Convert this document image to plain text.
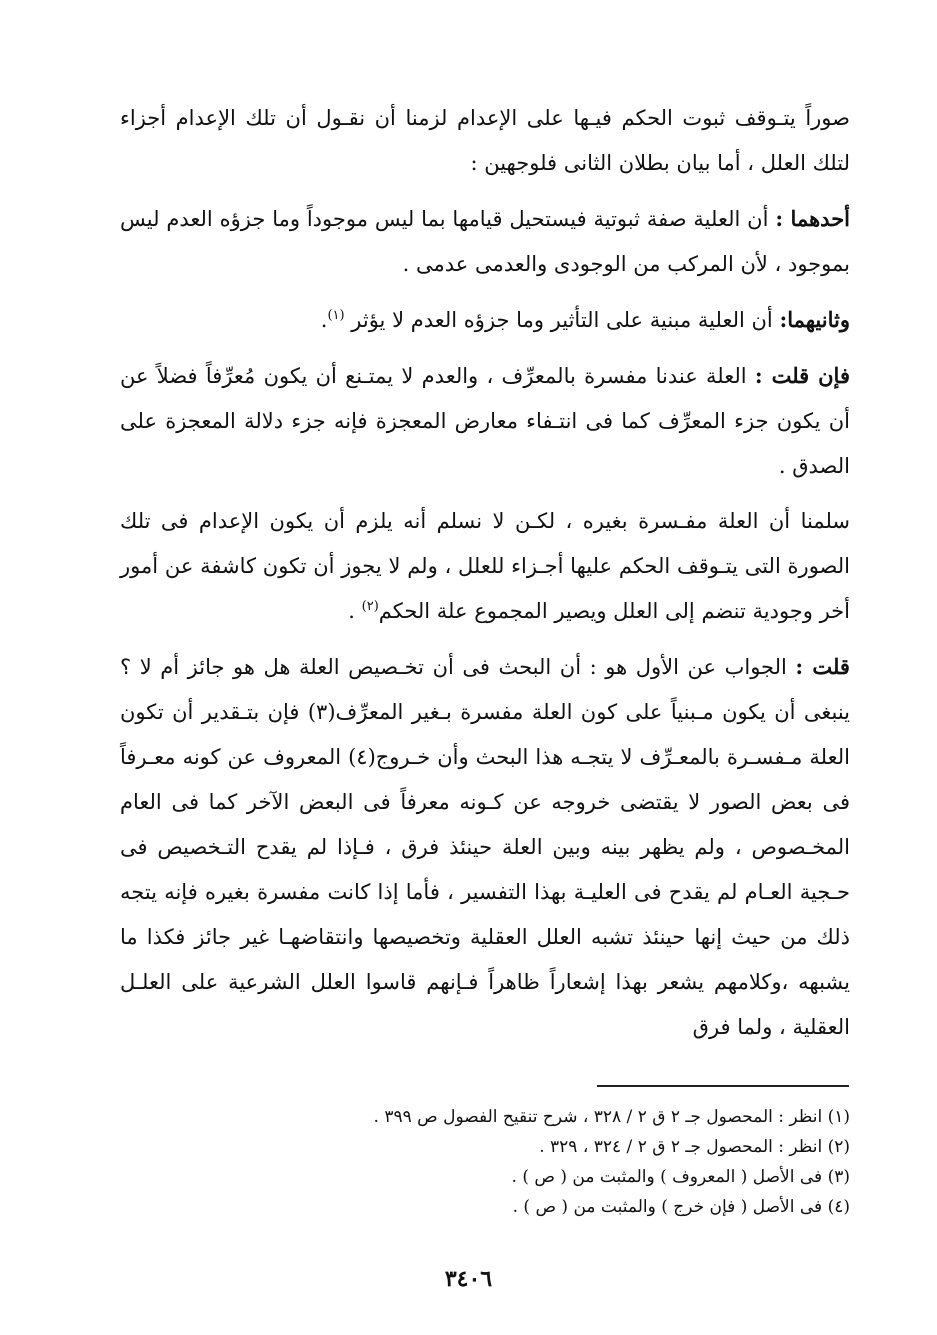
صوراً يتـوقف ثبوت الحكم فيـها على الإعدام لزمنا أن نقـول أن تلك الإعدام أجزاء لتلك العلل ، أما بيان بطلان الثانى فلوجهين :

أحدهما : أن العلية صفة ثبوتية فيستحيل قيامها بما ليس موجوداً وما جزؤه العدم ليس بموجود ، لأن المركب من الوجودى والعدمى عدمى .

وثانيهما: أن العلية مبنية على التأثير وما جزؤه العدم لا يؤثر $^{(١)}$.

فإن قلت : العلة عندنا مفسرة بالمعرِّف ، والعدم لا يمتـنع أن يكون مُعرِّفاً فضلاً عن أن يكون جزء المعرِّف كما فى انتـفاء معارض المعجزة فإنه جزء دلالة المعجزة على الصدق .

سلمنا أن العلة مفـسرة بغيره ، لكـن لا نسلم أنه يلزم أن يكون الإعدام فى تلك الصورة التى يتـوقف الحكم عليها أجـزاء للعلل ، ولم لا يجوز أن تكون كاشفة عن أمور أخر وجودية تنضم إلى العلل ويصير المجموع علة الحكم$^{(٢)}$ .

قلت : الجواب عن الأول هو : أن البحث فى أن تخـصيص العلة هل هو جائز أم لا ؟ ينبغى أن يكون مـبنياً على كون العلة مفسرة بـغير المعرِّف(٣) فإن بتـقدير أن تكون العلة مـفسـرة بالمعـرِّف لا يتجـه هذا البحث وأن خـروج(٤) المعروف عن كونه معـرفاً فى بعض الصور لا يقتضى خروجه عن كـونه معرفاً فى البعض الآخر كما فى العام المخـصوص ، ولم يظهر بينه وبين العلة حينئذ فرق ، فـإذا لم يقدح التـخصيص فى حـجية العـام لم يقدح فى العليـة بهذا التفسير ، فأما إذا كانت مفسرة بغيره فإنه يتجه ذلك من حيث إنها حينئذ تشبه العلل العقلية وتخصيصها وانتقاضهـا غير جائز فكذا ما يشبهه ،وكلامهم يشعر بهذا إشعاراً ظاهراً فـإنهم قاسوا العلل الشرعية على العلـل العقلية ، ولما فرق

(١) انظر : المحصول جـ ٢ ق ٢ / ٣٢٨ ، شرح تنقيح الفصول ص ٣٩٩ .

(٢) انظر : المحصول جـ ٢ ق ٢ / ٣٢٤ ، ٣٢٩ .

(٣) فى الأصل ( المعروف ) والمثبت من ( ص ) .

(٤) فى الأصل ( فإن خرج ) والمثبت من ( ص ) .

٣٤٠٦
